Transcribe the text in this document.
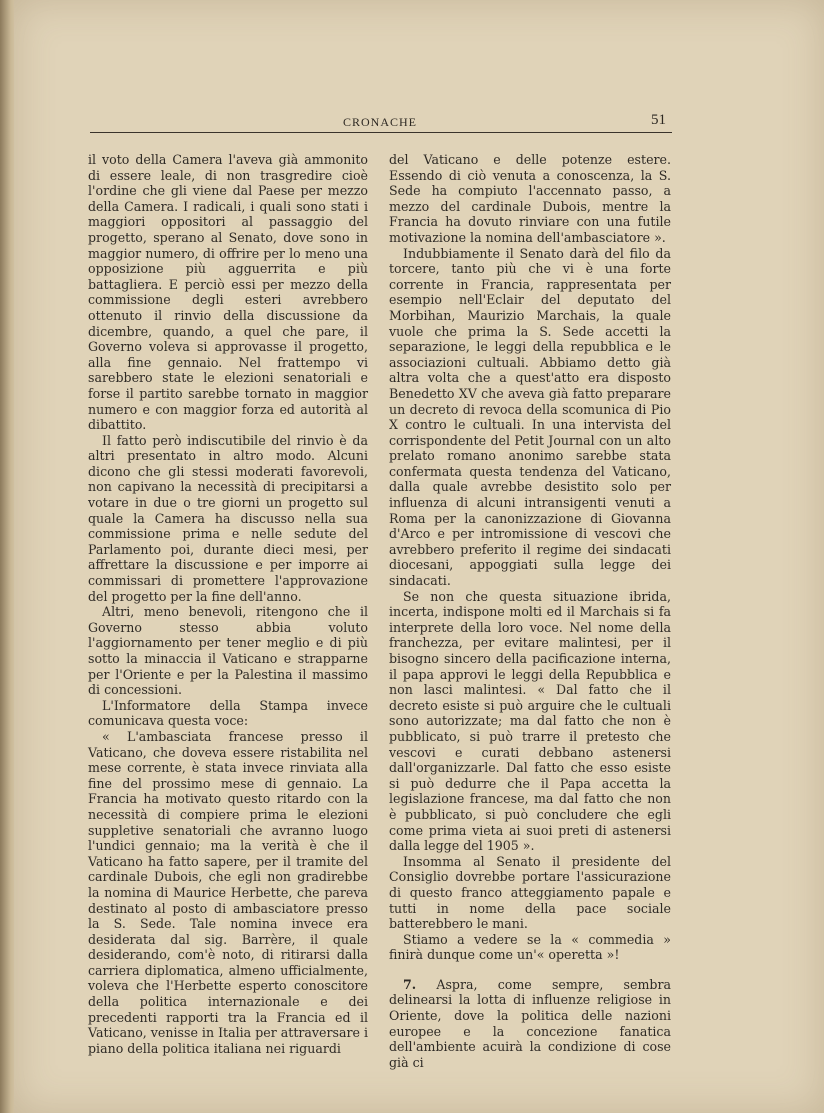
CRONACHE	51

il voto della Camera l'aveva già ammonito di essere leale, di non trasgredire cioè l'ordine che gli viene dal Paese per mezzo della Camera. I radicali, i quali sono stati i maggiori oppositori al passaggio del progetto, sperano al Senato, dove sono in maggior numero, di offrire per lo meno una opposizione più agguerrita e più battagliera. E perciò essi per mezzo della commissione degli esteri avrebbero ottenuto il rinvio della discussione da dicembre, quando, a quel che pare, il Governo voleva si approvasse il progetto, alla fine gennaio. Nel frattempo vi sarebbero state le elezioni senatoriali e forse il partito sarebbe tornato in maggior numero e con maggior forza ed autorità al dibattito.

Il fatto però indiscutibile del rinvio è da altri presentato in altro modo. Alcuni dicono che gli stessi moderati favorevoli, non capivano la necessità di precipitarsi a votare in due o tre giorni un progetto sul quale la Camera ha discusso nella sua commissione prima e nelle sedute del Parlamento poi, durante dieci mesi, per affrettare la discussione e per imporre ai commissari di promettere l'approvazione del progetto per la fine dell'anno.

Altri, meno benevoli, ritengono che il Governo stesso abbia voluto l'aggiornamento per tener meglio e di più sotto la minaccia il Vaticano e strapparne per l'Oriente e per la Palestina il massimo di concessioni.

L'Informatore della Stampa invece comunicava questa voce:

« L'ambasciata francese presso il Vaticano, che doveva essere ristabilita nel mese corrente, è stata invece rinviata alla fine del prossimo mese di gennaio. La Francia ha motivato questo ritardo con la necessità di compiere prima le elezioni suppletive senatoriali che avranno luogo l'undici gennaio; ma la verità è che il Vaticano ha fatto sapere, per il tramite del cardinale Dubois, che egli non gradirebbe la nomina di Maurice Herbette, che pareva destinato al posto di ambasciatore presso la S. Sede. Tale nomina invece era desiderata dal sig. Barrère, il quale desiderando, com'è noto, di ritirarsi dalla carriera diplomatica, almeno ufficialmente, voleva che l'Herbette esperto conoscitore della politica internazionale e dei precedenti rapporti tra la Francia ed il Vaticano, venisse in Italia per attraversare i piano della politica italiana nei riguardi

del Vaticano e delle potenze estere. Essendo di ciò venuta a conoscenza, la S. Sede ha compiuto l'accennato passo, a mezzo del cardinale Dubois, mentre la Francia ha dovuto rinviare con una futile motivazione la nomina dell'ambasciatore ».

Indubbiamente il Senato darà del filo da torcere, tanto più che vi è una forte corrente in Francia, rappresentata per esempio nell'Eclair del deputato del Morbihan, Maurizio Marchais, la quale vuole che prima la S. Sede accetti la separazione, le leggi della repubblica e le associazioni cultuali. Abbiamo detto già altra volta che a quest'atto era disposto Benedetto XV che aveva già fatto preparare un decreto di revoca della scomunica di Pio X contro le cultuali. In una intervista del corrispondente del Petit Journal con un alto prelato romano anonimo sarebbe stata confermata questa tendenza del Vaticano, dalla quale avrebbe desistito solo per influenza di alcuni intransigenti venuti a Roma per la canonizzazione di Giovanna d'Arco e per intromissione di vescovi che avrebbero preferito il regime dei sindacati diocesani, appoggiati sulla legge dei sindacati.

Se non che questa situazione ibrida, incerta, indispone molti ed il Marchais si fa interprete della loro voce. Nel nome della franchezza, per evitare malintesi, per il bisogno sincero della pacificazione interna, il papa approvi le leggi della Repubblica e non lasci malintesi. « Dal fatto che il decreto esiste si può arguire che le cultuali sono autorizzate; ma dal fatto che non è pubblicato, si può trarre il pretesto che vescovi e curati debbano astenersi dall'organizzarle. Dal fatto che esso esiste si può dedurre che il Papa accetta la legislazione francese, ma dal fatto che non è pubblicato, si può concludere che egli come prima vieta ai suoi preti di astenersi dalla legge del 1905 ».

Insomma al Senato il presidente del Consiglio dovrebbe portare l'assicurazione di questo franco atteggiamento papale e tutti in nome della pace sociale batterebbero le mani.

Stiamo a vedere se la « commedia » finirà dunque come un'« operetta »!

7. Aspra, come sempre, sembra delinearsi la lotta di influenze religiose in Oriente, dove la politica delle nazioni europee e la concezione fanatica dell'ambiente acuirà la condizione di cose già ci
